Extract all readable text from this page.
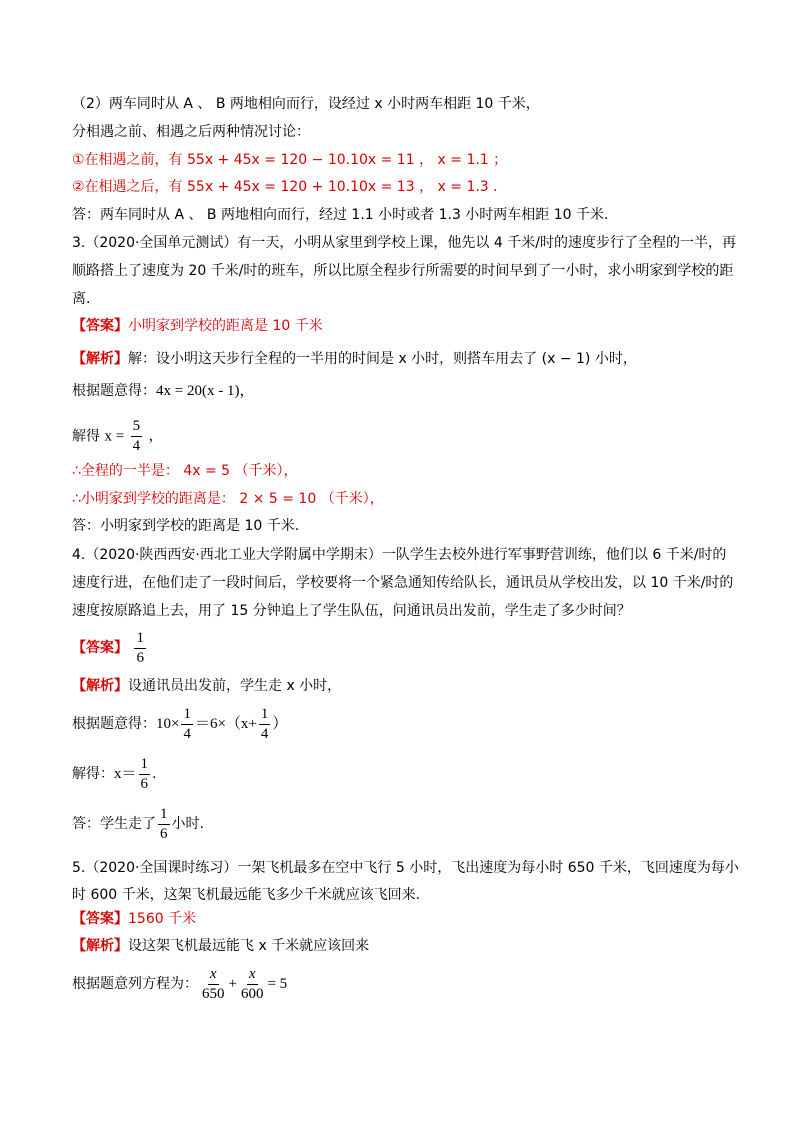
（2）两车同时从 A 、 B 两地相向而行，设经过 x 小时两车相距 10 千米，
分相遇之前、相遇之后两种情况讨论：
①在相遇之前，有 55x + 45x = 120 − 10.10x = 11 ， x = 1.1 ；
②在相遇之后，有 55x + 45x = 120 + 10.10x = 13 ， x = 1.3 .
答：两车同时从 A 、 B 两地相向而行，经过 1.1 小时或者 1.3 小时两车相距 10 千米.
3.（2020·全国单元测试）有一天，小明从家里到学校上课，他先以 4 千米/时的速度步行了全程的一半，再
顺路搭上了速度为 20 千米/时的班车，所以比原全程步行所需要的时间早到了一小时，求小明家到学校的距
离.
【答案】小明家到学校的距离是 10 千米
【解析】解：设小明这天步行全程的一半用的时间是 x 小时，则搭车用去了 (x − 1) 小时，
根据题意得：4x = 20(x - 1)，
解得 $x = \frac{5}{4}$ ，
∴全程的一半是： 4x = 5 （千米），
∴小明家到学校的距离是： 2 × 5 = 10 （千米），
答：小明家到学校的距离是 10 千米.
4.（2020·陕西西安·西北工业大学附属中学期末）一队学生去校外进行军事野营训练，他们以 6 千米/时的
速度行进，在他们走了一段时间后，学校要将一个紧急通知传给队长，通讯员从学校出发，以 10 千米/时的
速度按原路追上去，用了 15 分钟追上了学生队伍，问通讯员出发前，学生走了多少时间？
【答案】 $\frac{1}{6}$
【解析】设通讯员出发前，学生走 x 小时，
根据题意得：$10\times \frac{1}{4} =6\times(x+ \frac{1}{4}$ ）
解得：$x= \frac{1}{6}$ .
答：学生走了 $\frac{1}{6}$ 小时.
5.（2020·全国课时练习）一架飞机最多在空中飞行 5 小时，飞出速度为每小时 650 千米，飞回速度为每小
时 600 千米，这架飞机最远能飞多少千米就应该飞回来.
【答案】1560 千米
【解析】设这架飞机最远能飞 x 千米就应该回来
根据题意列方程为： $\frac{x}{650} + \frac{x}{600} = 5$
